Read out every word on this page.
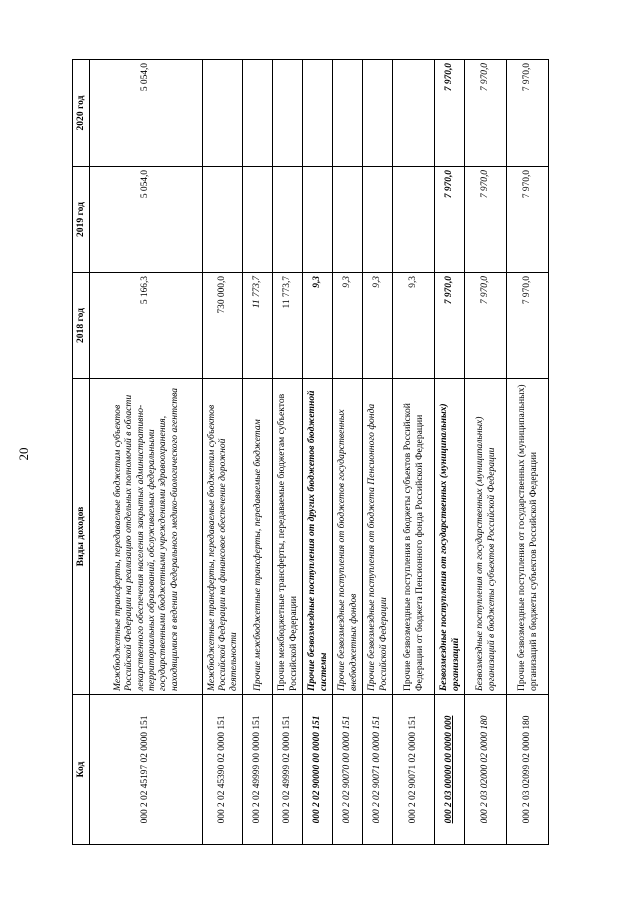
20
Код	Виды доходов	2018 год	2019 год	2020 год
000 2 02 45197 02 0000 151	Межбюджетные трансферты, передаваемые бюджетам субъектов Российской Федерации на реализацию отдельных полномочий в области лекарственного обеспечения населения закрытых административно-территориальных образований, обслуживаемых федеральными государственными бюджетными учреждениями здравоохранения, находящимися в ведении Федерального медико-биологического агентства	5 166,3	5 054,0	5 054,0
000 2 02 45390 02 0000 151	Межбюджетные трансферты, передаваемые бюджетам субъектов Российской Федерации на финансовое обеспечение дорожной деятельности	730 000,0		
000 2 02 49999 00 0000 151	Прочие межбюджетные трансферты, передаваемые бюджетам	11 773,7		
000 2 02 49999 02 0000 151	Прочие межбюджетные трансферты, передаваемые бюджетам субъектов Российской Федерации	11 773,7		
000 2 02 90000 00 0000 151	Прочие безвозмездные поступления от других бюджетов бюджетной системы	9,3		
000 2 02 90070 00 0000 151	Прочие безвозмездные поступления от бюджетов государственных внебюджетных фондов	9,3		
000 2 02 90071 00 0000 151	Прочие безвозмездные поступления от бюджета Пенсионного фонда Российской Федерации	9,3		
000 2 02 90071 02 0000 151	Прочие безвозмездные поступления в бюджеты субъектов Российской Федерации от бюджета Пенсионного фонда Российской Федерации	9,3		
000 2 03 00000 00 0000 000	Безвозмездные поступления от государственных (муниципальных) организаций	7 970,0	7 970,0	7 970,0
000 2 03 02000 02 0000 180	Безвозмездные поступления от государственных (муниципальных) организаций в бюджеты субъектов Российской Федерации	7 970,0	7 970,0	7 970,0
000 2 03 02099 02 0000 180	Прочие безвозмездные поступления от государственных (муниципальных) организаций в бюджеты субъектов Российской Федерации	7 970,0	7 970,0	7 970,0
